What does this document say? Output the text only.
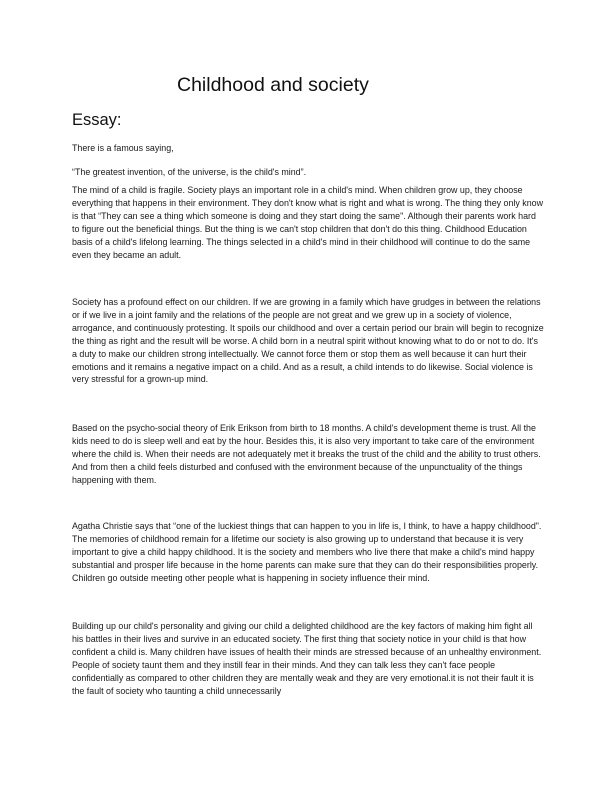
Childhood and society
Essay:

There is a famous saying,

“The greatest invention, of the universe, is the child's mind”.

The mind of a child is fragile. Society plays an important role in a child's mind. When children grow up, they choose everything that happens in their environment. They don't know what is right and what is wrong. The thing they only know is that “They can see a thing which someone is doing and they start doing the same". Although their parents work hard to figure out the beneficial things. But the thing is we can't stop children that don't do this thing. Childhood Education basis of a child's lifelong learning. The things selected in a child's mind in their childhood will continue to do the same even they became an adult.

Society has a profound effect on our children. If we are growing in a family which have grudges in between the relations or if we live in a joint family and the relations of the people are not great and we grew up in a society of violence, arrogance, and continuously protesting. It spoils our childhood and over a certain period our brain will begin to recognize the thing as right and the result will be worse. A child born in a neutral spirit without knowing what to do or not to do. It's a duty to make our children strong intellectually. We cannot force them or stop them as well because it can hurt their emotions and it remains a negative impact on a child. And as a result, a child intends to do likewise. Social violence is very stressful for a grown-up mind.

Based on the psycho-social theory of Erik Erikson from birth to 18 months. A child's development theme is trust. All the kids need to do is sleep well and eat by the hour. Besides this, it is also very important to take care of the environment where the child is. When their needs are not adequately met it breaks the trust of the child and the ability to trust others. And from then a child feels disturbed and confused with the environment because of the unpunctuality of the things happening with them.

Agatha Christie says that “one of the luckiest things that can happen to you in life is, I think, to have a happy childhood". The memories of childhood remain for a lifetime our society is also growing up to understand that because it is very important to give a child happy childhood. It is the society and members who live there that make a child's mind happy substantial and prosper life because in the home parents can make sure that they can do their responsibilities properly. Children go outside meeting other people what is happening in society influence their mind.

Building up our child's personality and giving our child a delighted childhood are the key factors of making him fight all his battles in their lives and survive in an educated society. The first thing that society notice in your child is that how confident a child is. Many children have issues of health their minds are stressed because of an unhealthy environment. People of society taunt them and they instill fear in their minds. And they can talk less they can't face people confidentially as compared to other children they are mentally weak and they are very emotional.it is not their fault it is the fault of society who taunting a child unnecessarily
